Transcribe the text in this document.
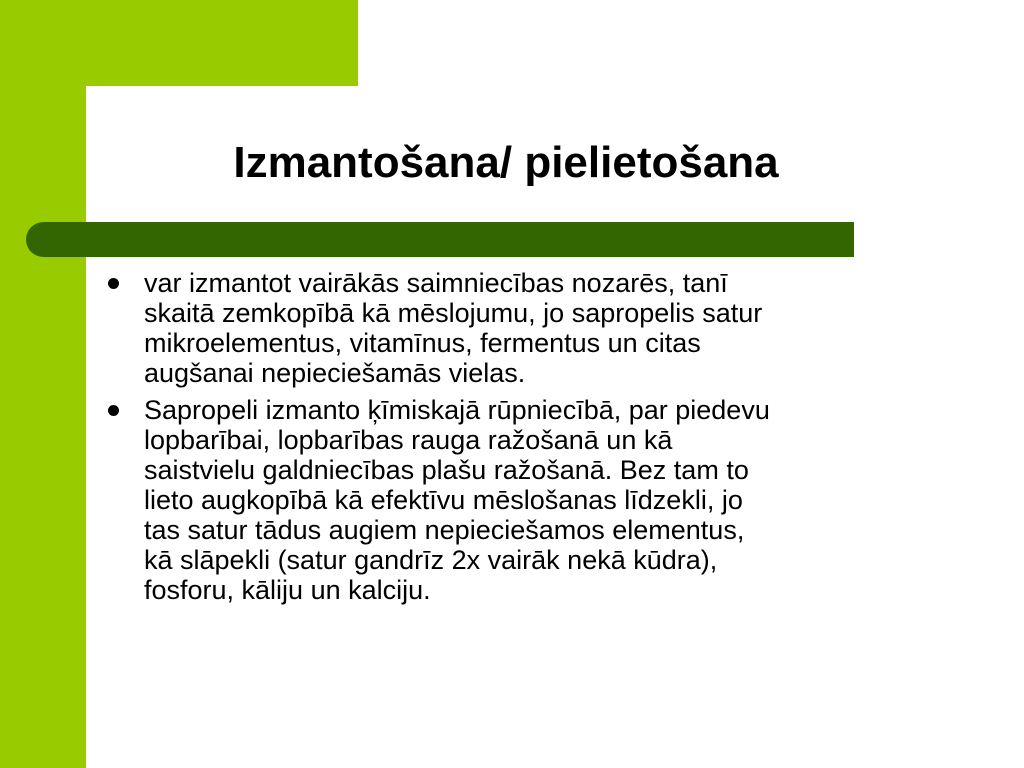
Izmantošana/ pielietošana
var izmantot vairākās saimniecības nozarēs, tanī
skaitā zemkopībā kā mēslojumu, jo sapropelis satur
mikroelementus, vitamīnus, fermentus un citas
augšanai nepieciešamās vielas.
Sapropeli izmanto ķīmiskajā rūpniecībā, par piedevu
lopbarībai, lopbarības rauga ražošanā un kā
saistvielu galdniecības plašu ražošanā. Bez tam to
lieto augkopībā kā efektīvu mēslošanas līdzekli, jo
tas satur tādus augiem nepieciešamos elementus,
kā slāpekli (satur gandrīz 2x vairāk nekā kūdra),
fosforu, kāliju un kalciju.
